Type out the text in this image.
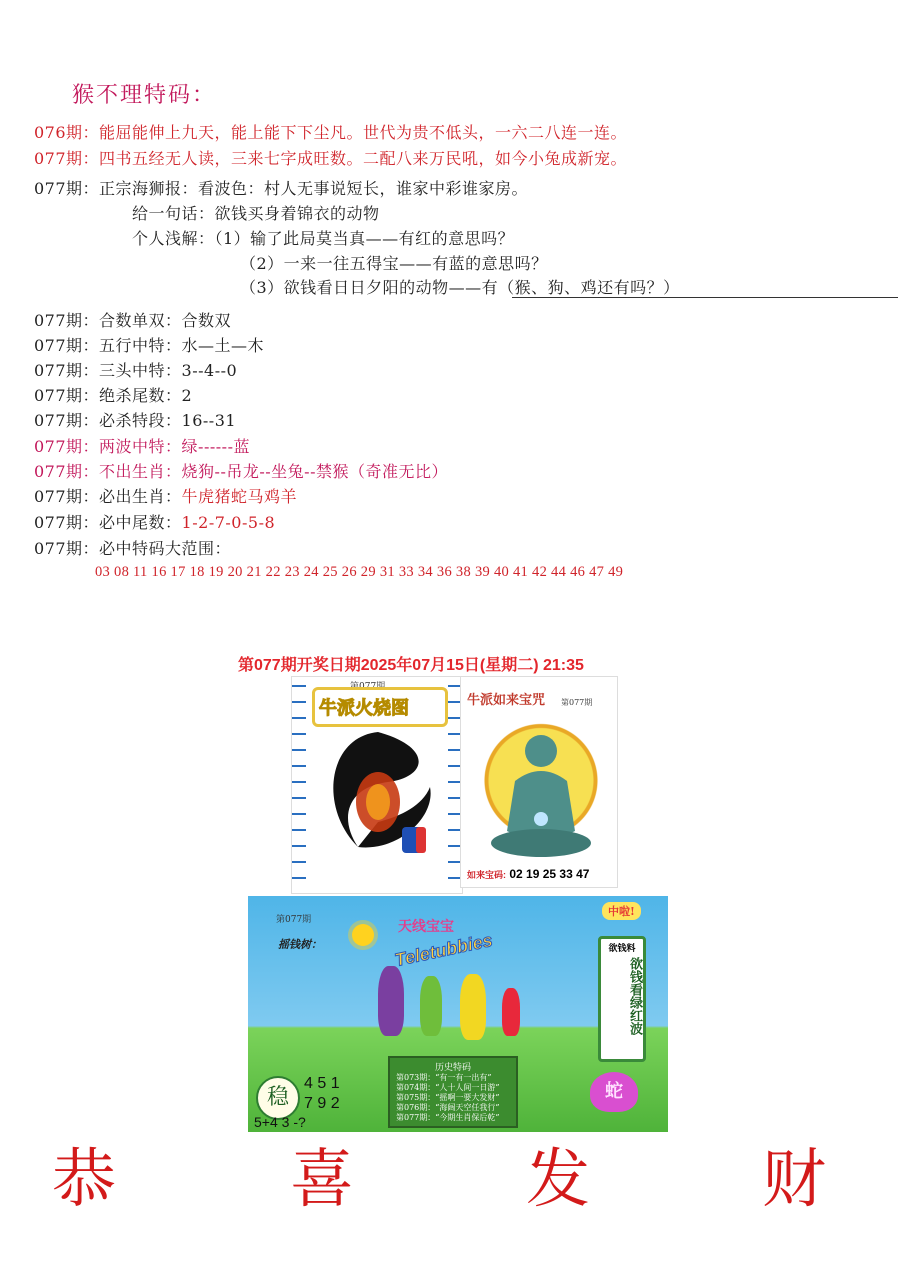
猴不理特码：
076期：能屈能伸上九天，能上能下下尘凡。世代为贵不低头，一六二八连一连。
077期：四书五经无人读，三来七字成旺数。二配八来万民吼，如今小兔成新宠。
077期：正宗海狮报：看波色：村人无事说短长，谁家中彩谁家房。
给一句话：欲钱买身着锦衣的动物
个人浅解：（1）输了此局莫当真——有红的意思吗？
（2）一来一往五得宝——有蓝的意思吗？
（3）欲钱看日日夕阳的动物——有（猴、狗、鸡还有吗？）
077期：合数单双：合数双
077期：五行中特：水—土—木
077期：三头中特：3--4--0
077期：绝杀尾数：2
077期：必杀特段：16--31
077期：两波中特：绿------蓝
077期：不出生肖：烧狗--吊龙--坐兔--禁猴（奇准无比）
077期：必出生肖：牛虎猪蛇马鸡羊
077期：必中尾数：1-2-7-0-5-8
077期：必中特码大范围：
03 08 11 16 17 18 19 20 21 22 23 24 25 26 29 31 33 34 36 38 39 40 41 42 44 46 47 49
第077期开奖日期2025年07月15日(星期二) 21:35
牛派火烧图	牛派如来宝咒 第077期
如来宝码: 02 19 25 33 47
第077期	天线宝宝
Teletubbies
中啦!
摇钱树：	欲钱料
欲钱看绿红波
历史特码
第073期：“有一有一出有”
第074期：“人十人间一日游”
第075期：“摇啊一要大发财”
第076期：“海阔天空任我行”
第077期：“今期生肖保后乾”
稳
4 5 1
7 9 2
5+4 3 -?
蛇
恭	喜	发	财
